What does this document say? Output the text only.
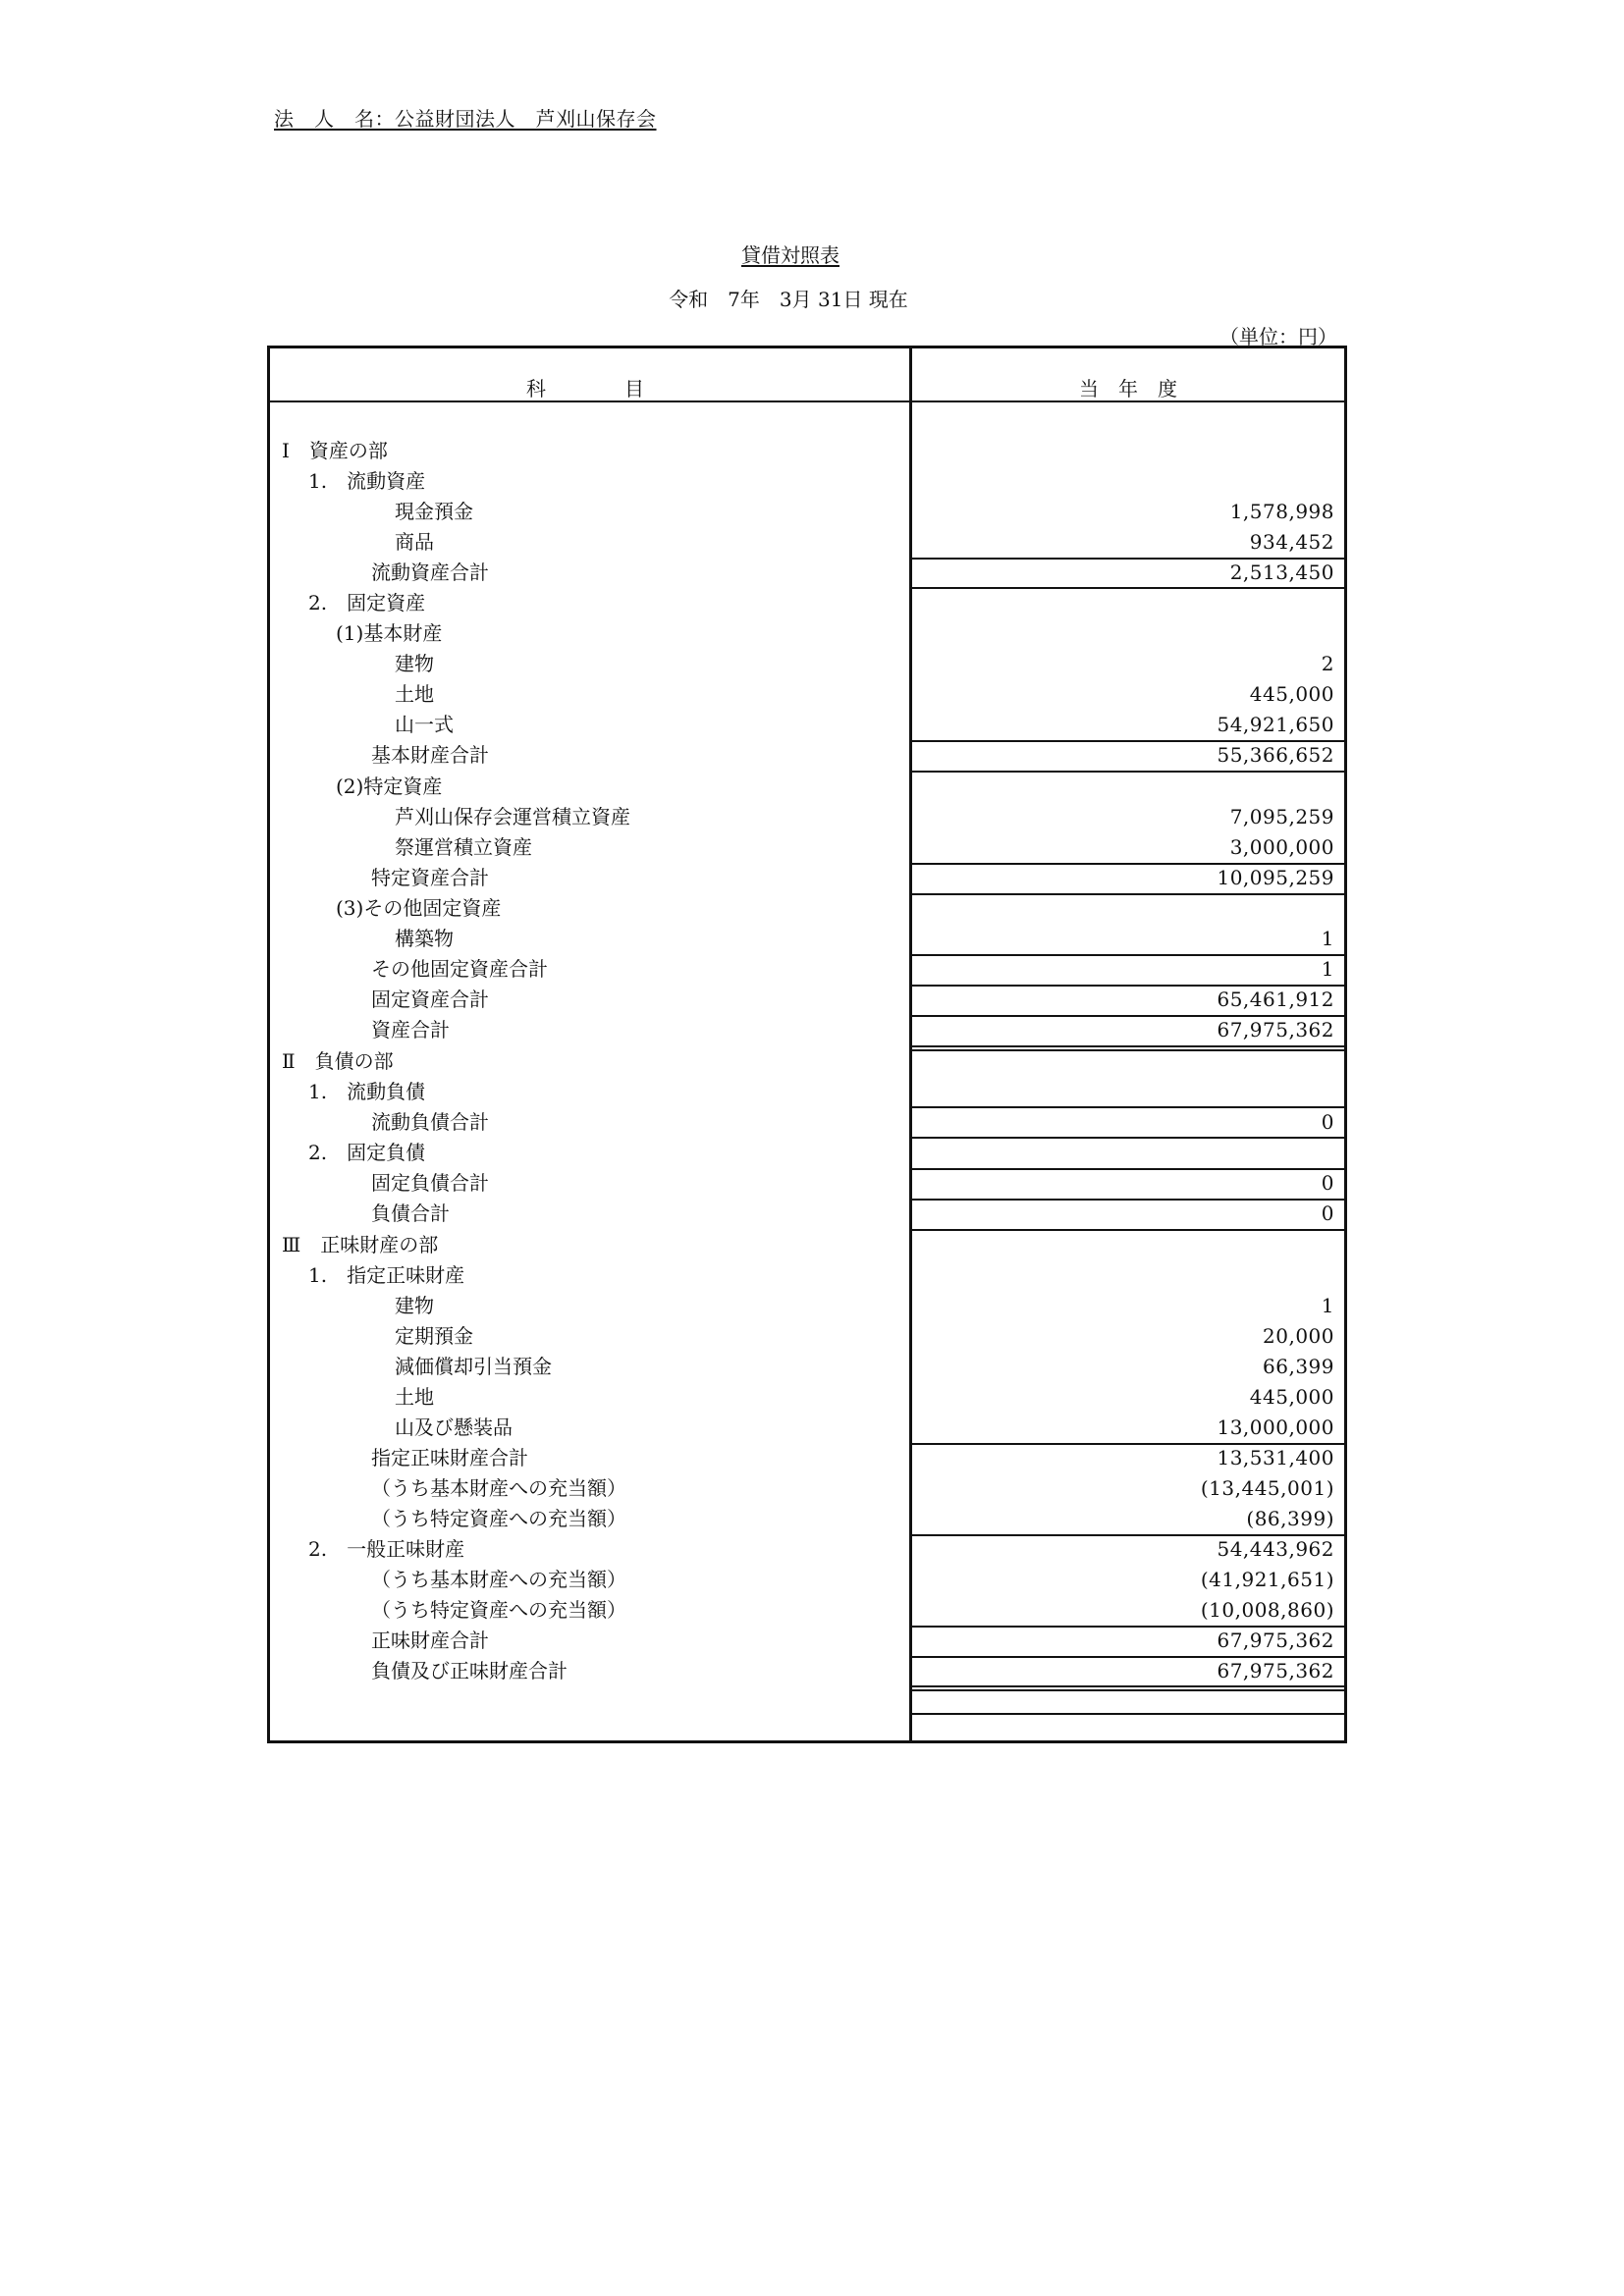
法　人　名：公益財団法人　芦刈山保存会
貸借対照表
令和　7年　3月 31日 現在
（単位：円）
科　　　　目	当　年　度
Ⅰ　資産の部
1.　流動資産
現金預金	1,578,998
商品	934,452
流動資産合計	2,513,450
2.　固定資産
(1)基本財産
建物	2
土地	445,000
山一式	54,921,650
基本財産合計	55,366,652
(2)特定資産
芦刈山保存会運営積立資産	7,095,259
祭運営積立資産	3,000,000
特定資産合計	10,095,259
(3)その他固定資産
構築物	1
その他固定資産合計	1
固定資産合計	65,461,912
資産合計	67,975,362
Ⅱ　負債の部
1.　流動負債
流動負債合計	0
2.　固定負債
固定負債合計	0
負債合計	0
Ⅲ　正味財産の部
1.　指定正味財産
建物	1
定期預金	20,000
減価償却引当預金	66,399
土地	445,000
山及び懸装品	13,000,000
指定正味財産合計	13,531,400
（うち基本財産への充当額）	(13,445,001)
（うち特定資産への充当額）	(86,399)
2.　一般正味財産	54,443,962
（うち基本財産への充当額）	(41,921,651)
（うち特定資産への充当額）	(10,008,860)
正味財産合計	67,975,362
負債及び正味財産合計	67,975,362
